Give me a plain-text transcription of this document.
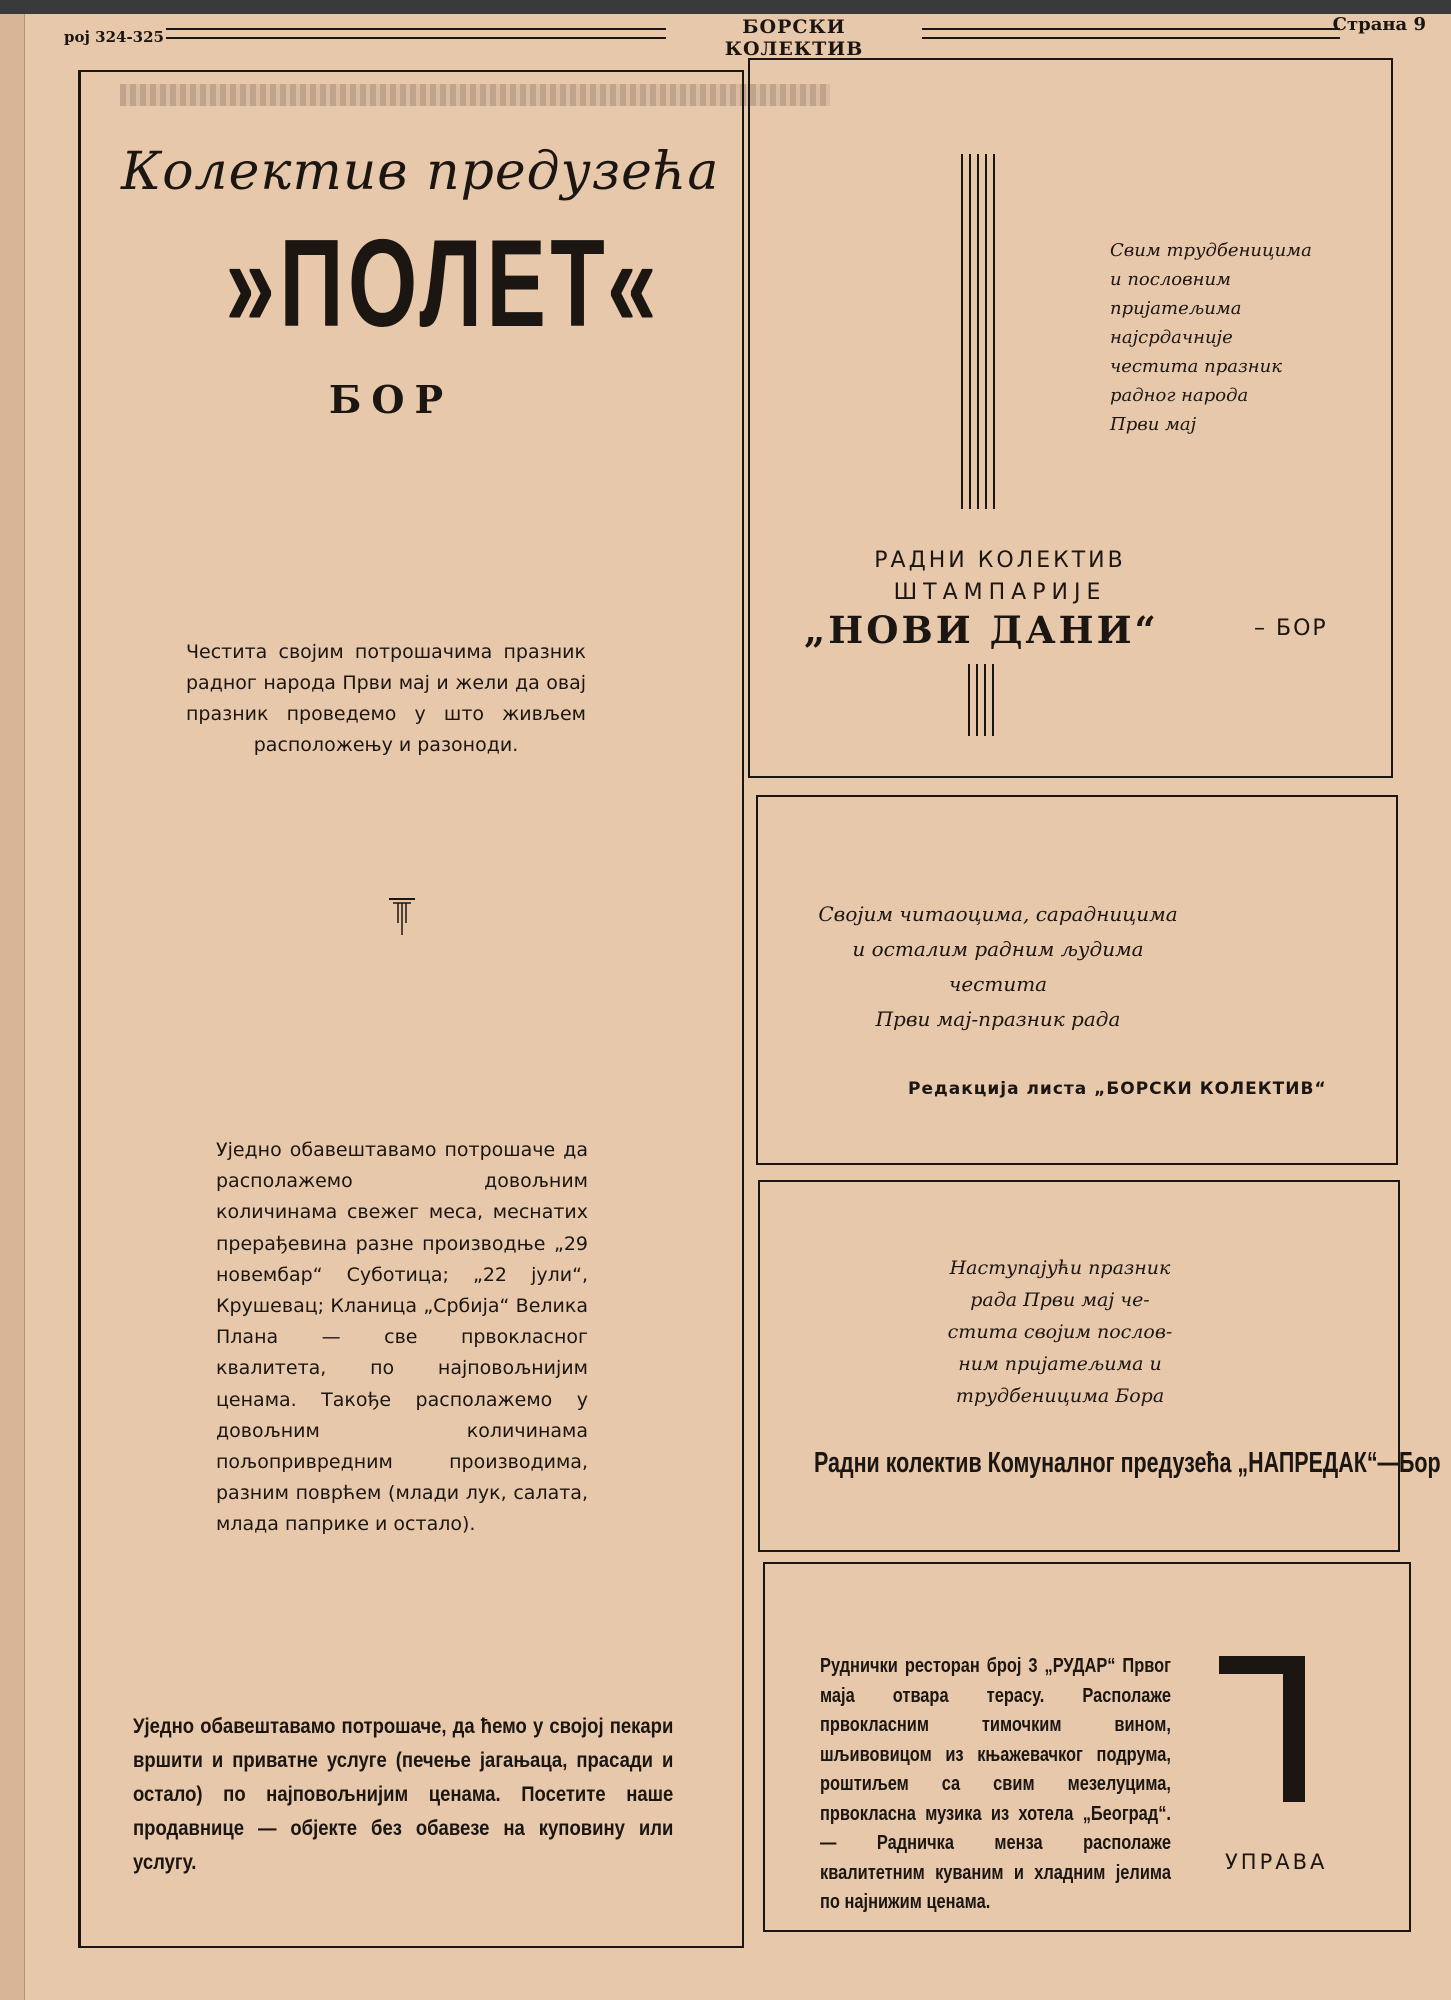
рој 324-325	БОРСКИ КОЛЕКТИВ
Страна 9
Колектив предузећа
»ПОЛЕТ«
БОР
Честита својим потрошачима празник радног народа Први мај и жели да овај празник проведемо у што живљем расположењу и разоноди.
Уједно обавештавамо потрошаче да располажемо довољним количинама свежег меса, меснатих прерађевина разне производње „29 новембар“ Суботица; „22 јули“, Крушевац; Кланица „Србија“ Велика Плана — све првокласног квалитета, по најповољнијим ценама. Такође располажемо у довољним количинама пољопривредним производима, разним поврћем (млади лук, салата, млада паприке и остало).
Уједно обавештавамо потрошаче, да ћемо у својој пекари вршити и приватне услуге (печење јагањаца, прасади и остало) по најповољнијим ценама. Посетите наше продавнице — објекте без обавезе на куповину или услугу.
Свим трудбеницима
и пословним
пријатељима
најсрдачније
честита празник
радног народа
Први мај
РАДНИ КОЛЕКТИВ
ШТАМПАРИЈЕ
„НОВИ ДАНИ“	– БОР
Својим читаоцима, сарадницима
и осталим радним људима
честита
Први мај-празник рада
Редакција листа „БОРСКИ КОЛЕКТИВ“
Наступајући празник
рада Први мај че-
стита својим послов-
ним пријатељима и
трудбеницима Бора
Радни колектив Комуналног предузећа „НАПРЕДАК“—Бор
Руднички ресторан број 3 „РУДАР“ Првог маја отвара терасу. Располаже првокласним тимочким вином, шљивовицом из књажевачког подрума, роштиљем са свим мезелуцима, првокласна музика из хотела „Београд“. — Радничка менза располаже квалитетним куваним и хладним јелима по најнижим ценама.
УПРАВА
